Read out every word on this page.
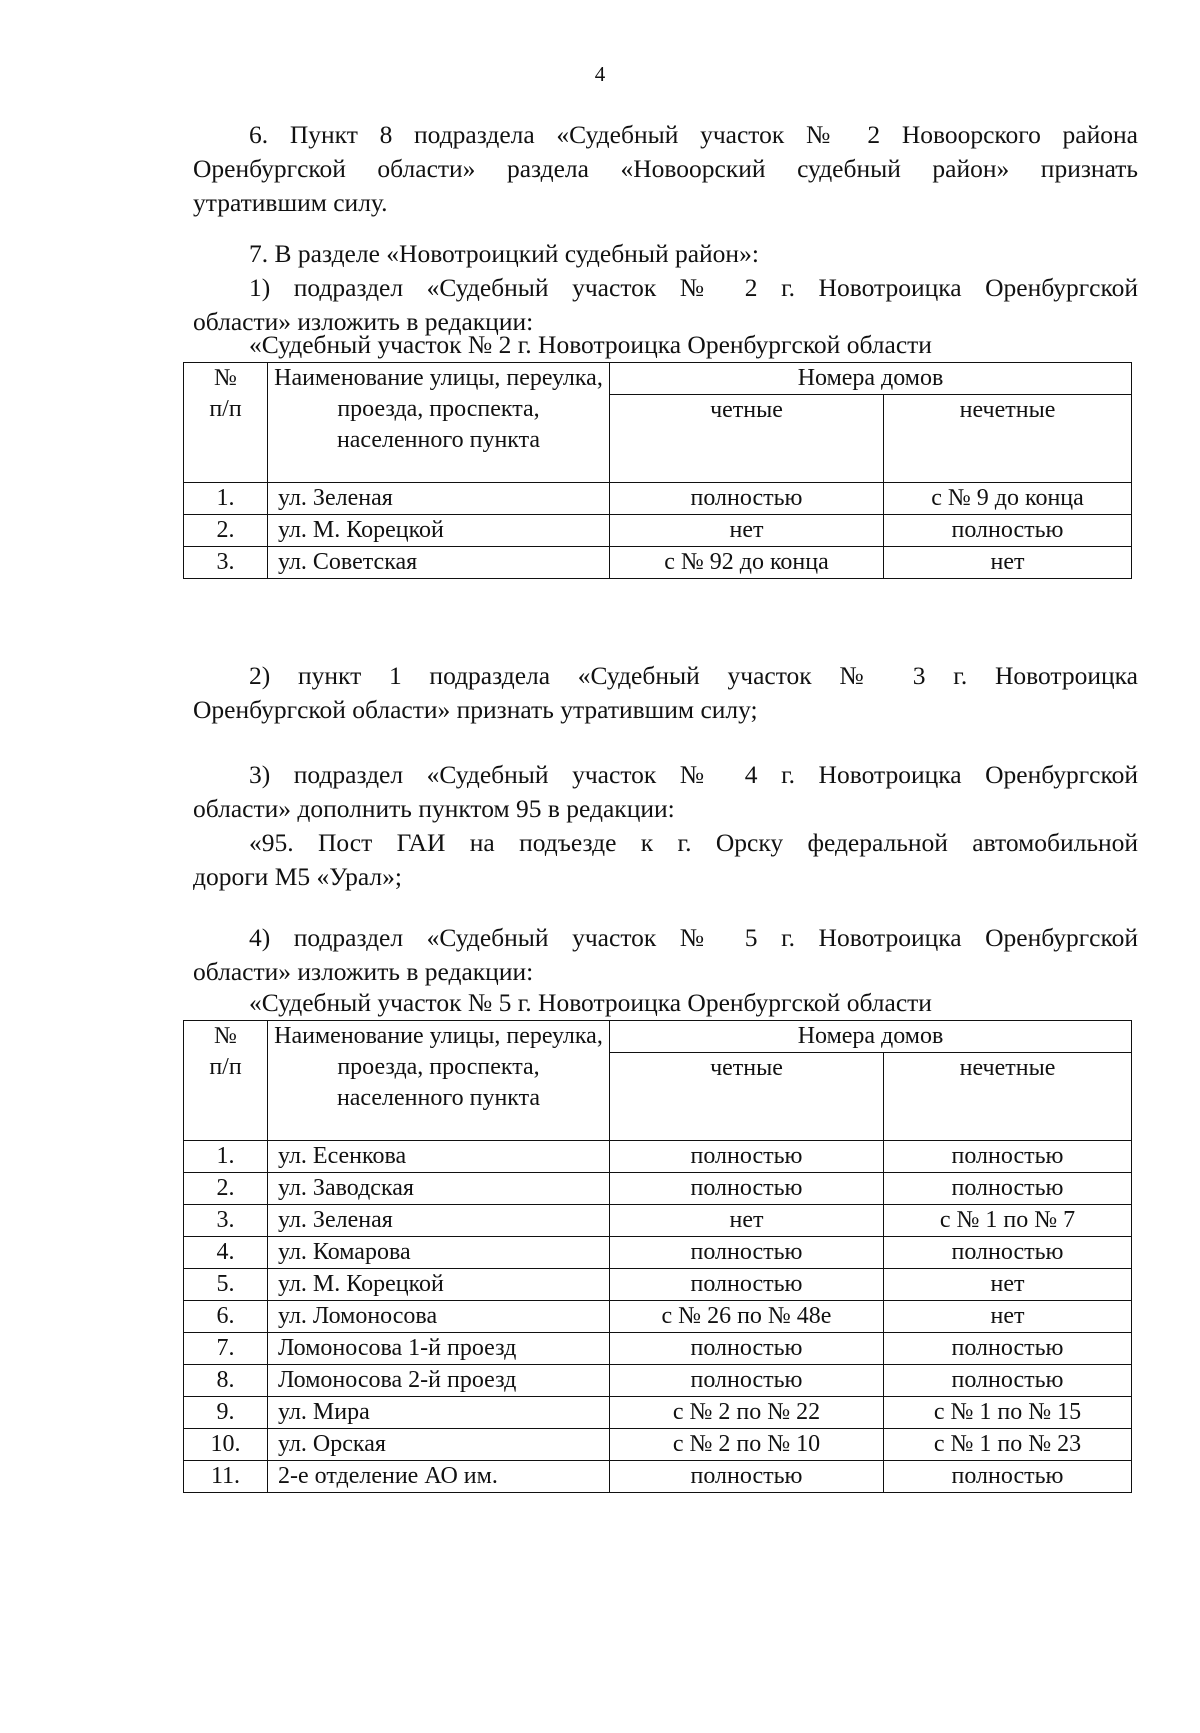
4
6. Пункт 8 подраздела «Судебный участок № 2 Новоорского района
Оренбургской области» раздела «Новоорский судебный район» признать
утратившим силу.
7. В разделе «Новотроицкий судебный район»:
1) подраздел «Судебный участок № 2 г. Новотроицка Оренбургской
области» изложить в редакции:
«Судебный участок № 2 г. Новотроицка Оренбургской области
№
п/п	Наименование улицы, переулка, проезда, проспекта, населенного пункта	Номера домов	
		четные	нечетные
1.	ул. Зеленая	полностью	с № 9 до конца
2.	ул. М. Корецкой	нет	полностью
3.	ул. Советская	с № 92 до конца	нет
2) пункт 1 подраздела «Судебный участок № 3 г. Новотроицка
Оренбургской области» признать утратившим силу;
3) подраздел «Судебный участок № 4 г. Новотроицка Оренбургской
области» дополнить пунктом 95 в редакции:
«95. Пост ГАИ на подъезде к г. Орску федеральной автомобильной
дороги М5 «Урал»;
4) подраздел «Судебный участок № 5 г. Новотроицка Оренбургской
области» изложить в редакции:
«Судебный участок № 5 г. Новотроицка Оренбургской области
№
п/п	Наименование улицы, переулка, проезда, проспекта, населенного пункта	Номера домов	
		четные	нечетные
1.	ул. Есенкова	полностью	полностью
2.	ул. Заводская	полностью	полностью
3.	ул. Зеленая	нет	с № 1 по № 7
4.	ул. Комарова	полностью	полностью
5.	ул. М. Корецкой	полностью	нет
6.	ул. Ломоносова	с № 26 по № 48е	нет
7.	Ломоносова 1-й проезд	полностью	полностью
8.	Ломоносова 2-й проезд	полностью	полностью
9.	ул. Мира	с № 2 по № 22	с № 1 по № 15
10.	ул. Орская	с № 2 по № 10	с № 1 по № 23
11.	2-е отделение АО им.	полностью	полностью
